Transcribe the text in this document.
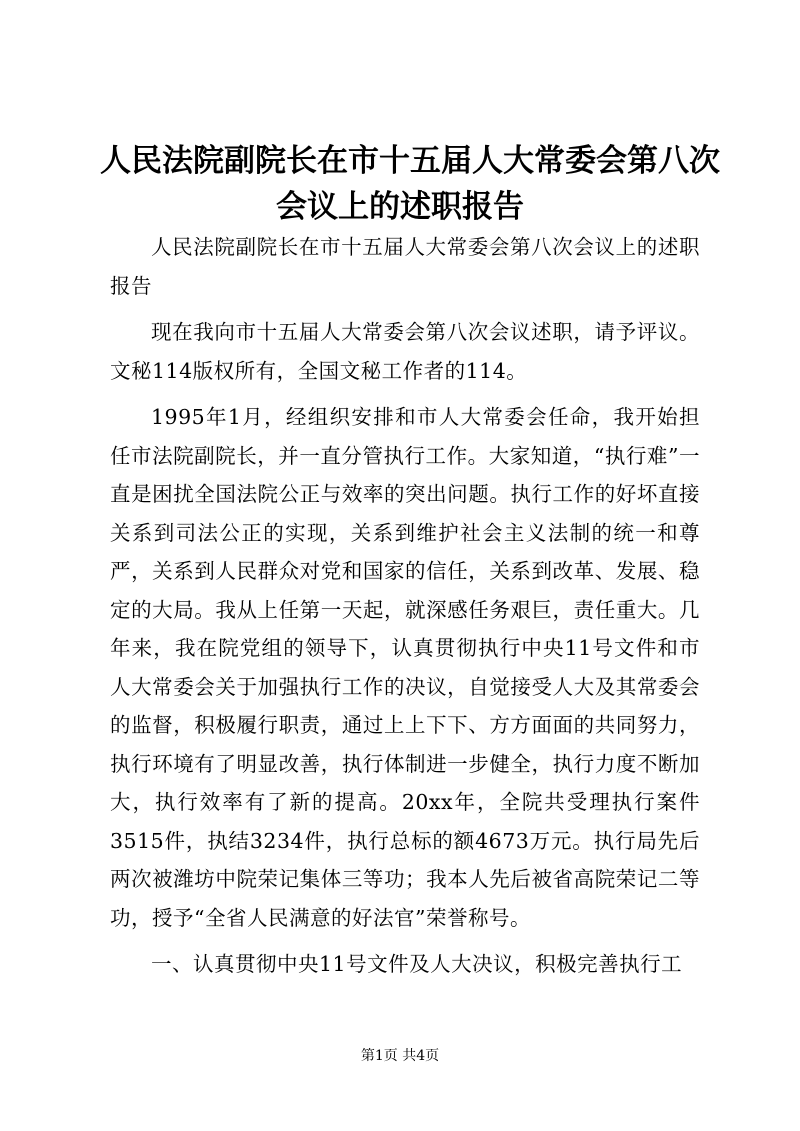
人民法院副院长在市十五届人大常委会第八次
会议上的述职报告

人民法院副院长在市十五届人大常委会第八次会议上的述职报告

现在我向市十五届人大常委会第八次会议述职，请予评议。文秘114版权所有，全国文秘工作者的114。

1995年1月，经组织安排和市人大常委会任命，我开始担任市法院副院长，并一直分管执行工作。大家知道，“执行难”一直是困扰全国法院公正与效率的突出问题。执行工作的好坏直接关系到司法公正的实现，关系到维护社会主义法制的统一和尊严，关系到人民群众对党和国家的信任，关系到改革、发展、稳定的大局。我从上任第一天起，就深感任务艰巨，责任重大。几年来，我在院党组的领导下，认真贯彻执行中央11号文件和市人大常委会关于加强执行工作的决议，自觉接受人大及其常委会的监督，积极履行职责，通过上上下下、方方面面的共同努力，执行环境有了明显改善，执行体制进一步健全，执行力度不断加大，执行效率有了新的提高。20xx年，全院共受理执行案件3515件，执结3234件，执行总标的额4673万元。执行局先后两次被潍坊中院荣记集体三等功；我本人先后被省高院荣记二等功，授予“全省人民满意的好法官”荣誉称号。

一、认真贯彻中央11号文件及人大决议，积极完善执行工

第1页 共4页
